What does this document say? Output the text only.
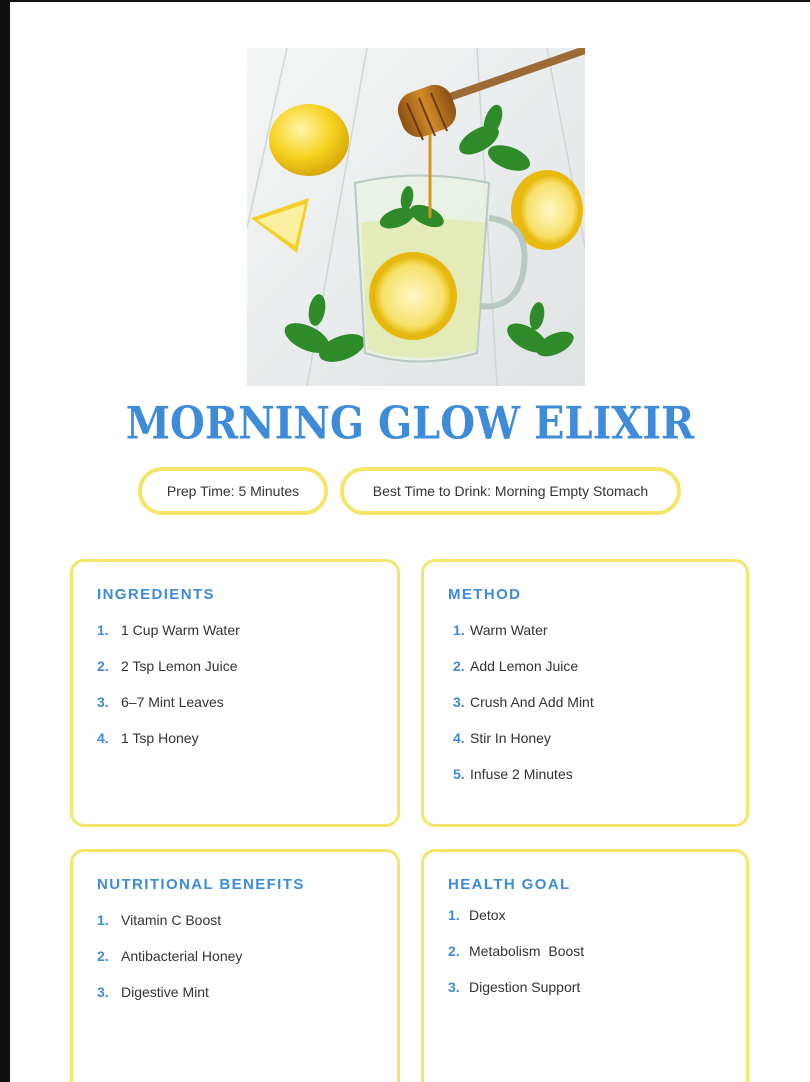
MORNING GLOW ELIXIR
Prep Time: 5 Minutes	Best Time to Drink: Morning Empty Stomach
INGREDIENTS
1. 1 Cup Warm Water
2. 2 Tsp Lemon Juice
3. 6–7 Mint Leaves
4. 1 Tsp Honey
METHOD
1. Warm Water
2. Add Lemon Juice
3. Crush And Add Mint
4. Stir In Honey
5. Infuse 2 Minutes
NUTRITIONAL BENEFITS
1. Vitamin C Boost
2. Antibacterial Honey
3. Digestive Mint
HEALTH GOAL
1. Detox
2. Metabolism  Boost
3. Digestion Support
